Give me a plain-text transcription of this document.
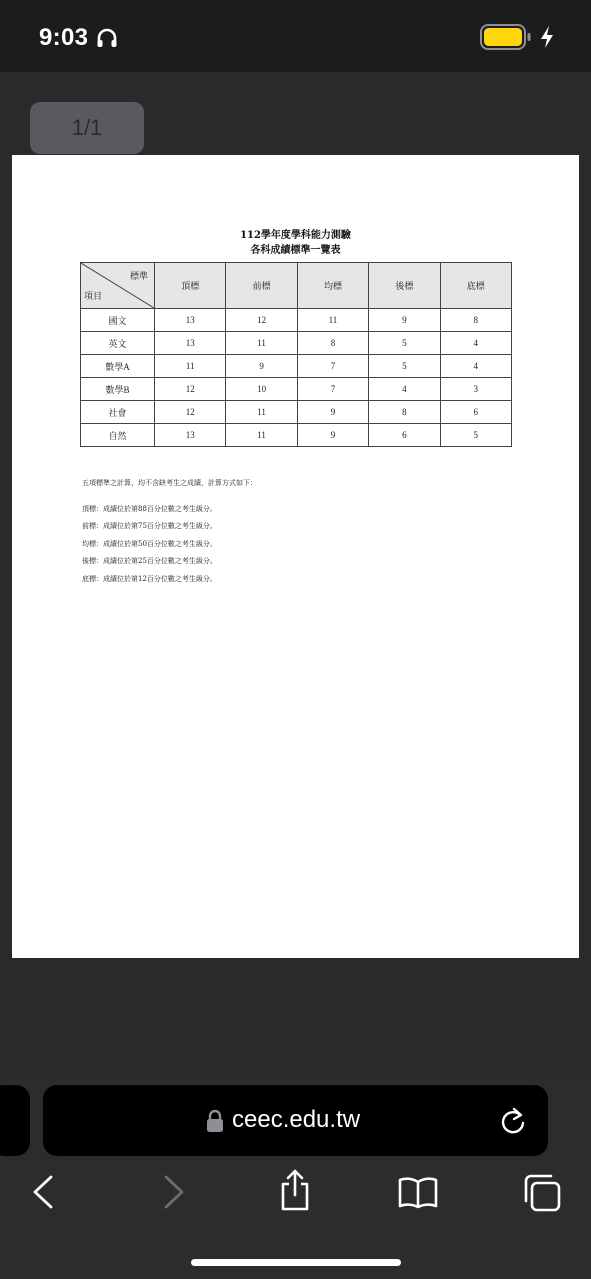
9:03
1/1
112學年度學科能力測驗
各科成績標準一覽表
標準
項目	頂標	前標	均標	後標	底標
國文	13	12	11	9	8
英文	13	11	8	5	4
數學A	11	9	7	5	4
數學B	12	10	7	4	3
社會	12	11	9	8	6
自然	13	11	9	6	5
五項標準之計算，均不含缺考生之成績，計算方式如下：
頂標：成績位於第88百分位數之考生級分。
前標：成績位於第75百分位數之考生級分。
均標：成績位於第50百分位數之考生級分。
後標：成績位於第25百分位數之考生級分。
底標：成績位於第12百分位數之考生級分。
ceec.edu.tw
